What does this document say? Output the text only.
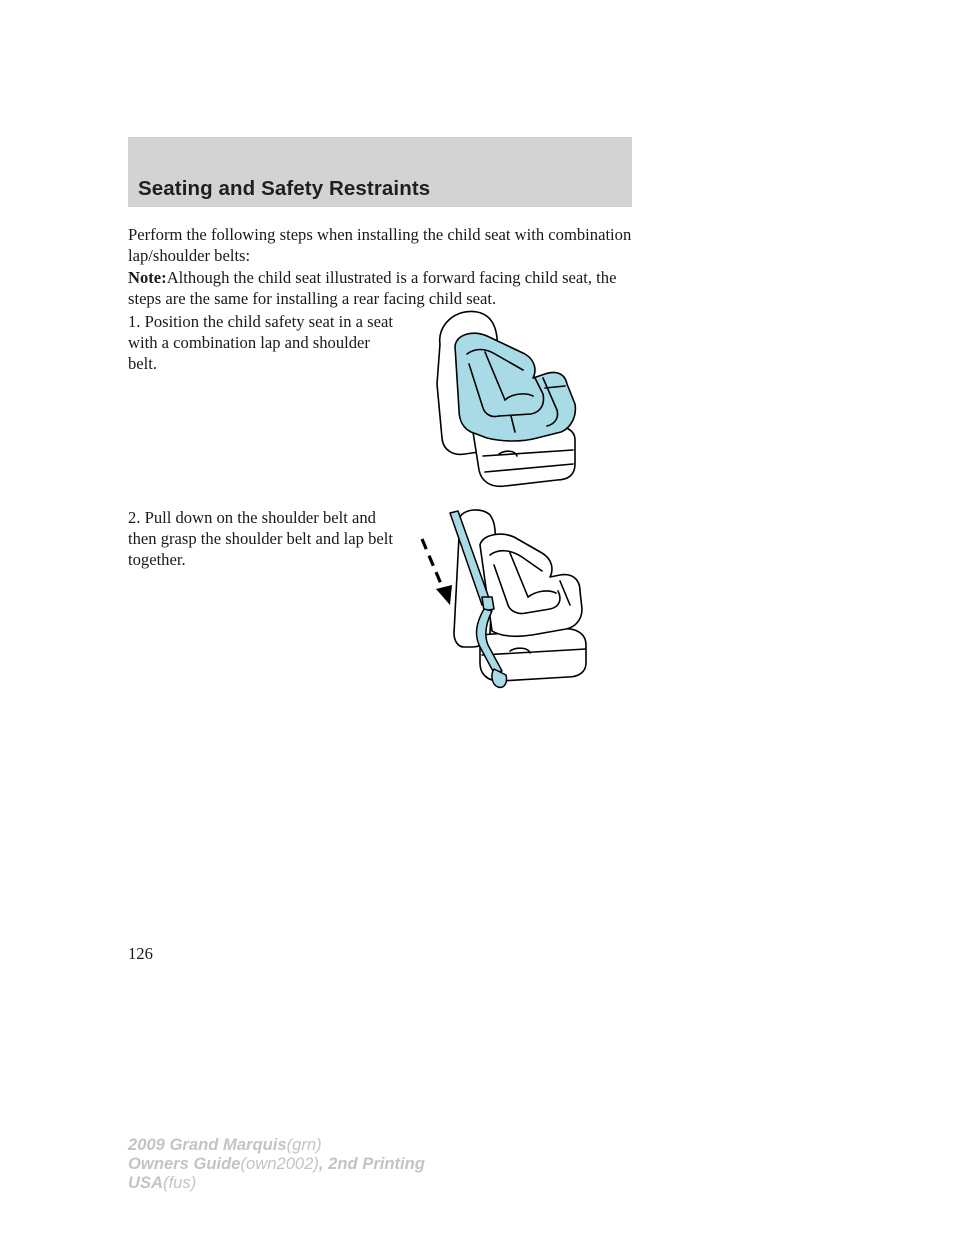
Seating and Safety Restraints

Perform the following steps when installing the child seat with combination lap/shoulder belts:

Note:Although the child seat illustrated is a forward facing child seat, the steps are the same for installing a rear facing child seat.

1. Position the child safety seat in a seat with a combination lap and shoulder belt.

2. Pull down on the shoulder belt and then grasp the shoulder belt and lap belt together.

126

2009 Grand Marquis(grn)
Owners Guide(own2002), 2nd Printing
USA(fus)
